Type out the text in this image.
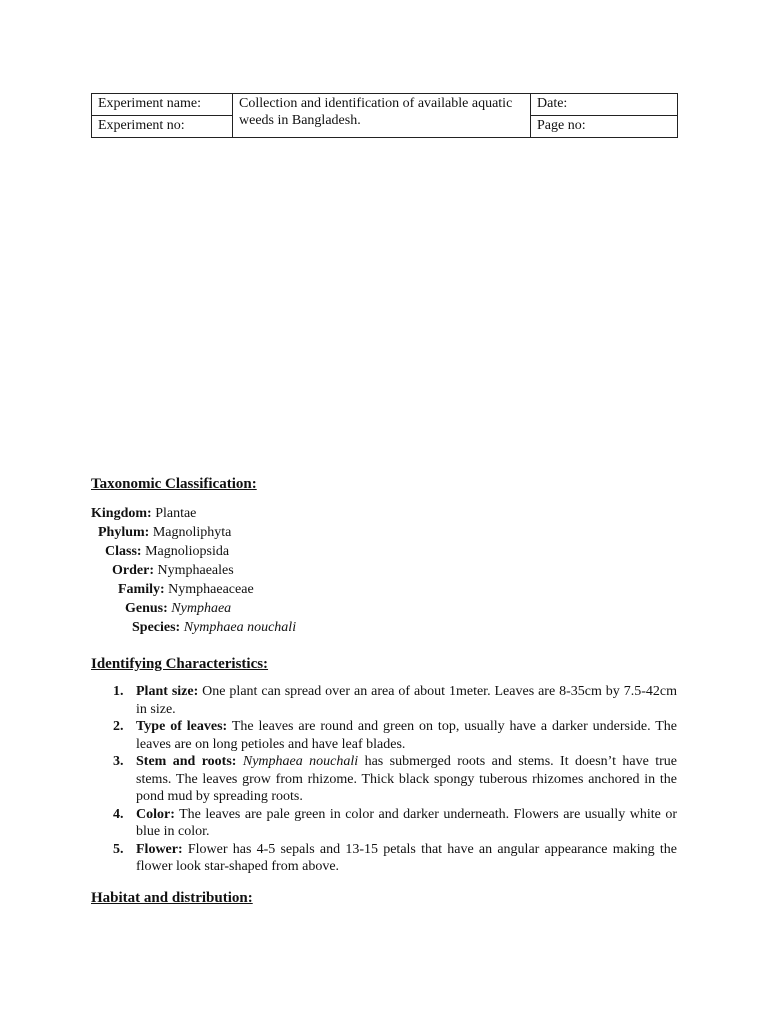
Experiment name:	Collection and identification of available aquatic weeds in Bangladesh.	Date:
Experiment no:		Page no:
Taxonomic Classification:
Kingdom: Plantae
Phylum: Magnoliphyta
Class: Magnoliopsida
Order: Nymphaeales
Family: Nymphaeaceae
Genus: Nymphaea
Species: Nymphaea nouchali
Identifying Characteristics:
1. Plant size: One plant can spread over an area of about 1meter. Leaves are 8-35cm by 7.5-42cm in size.
2. Type of leaves: The leaves are round and green on top, usually have a darker underside. The leaves are on long petioles and have leaf blades.
3. Stem and roots: Nymphaea nouchali has submerged roots and stems. It doesn’t have true stems. The leaves grow from rhizome. Thick black spongy tuberous rhizomes anchored in the pond mud by spreading roots.
4. Color: The leaves are pale green in color and darker underneath. Flowers are usually white or blue in color.
5. Flower: Flower has 4-5 sepals and 13-15 petals that have an angular appearance making the flower look star-shaped from above.
Habitat and distribution:
